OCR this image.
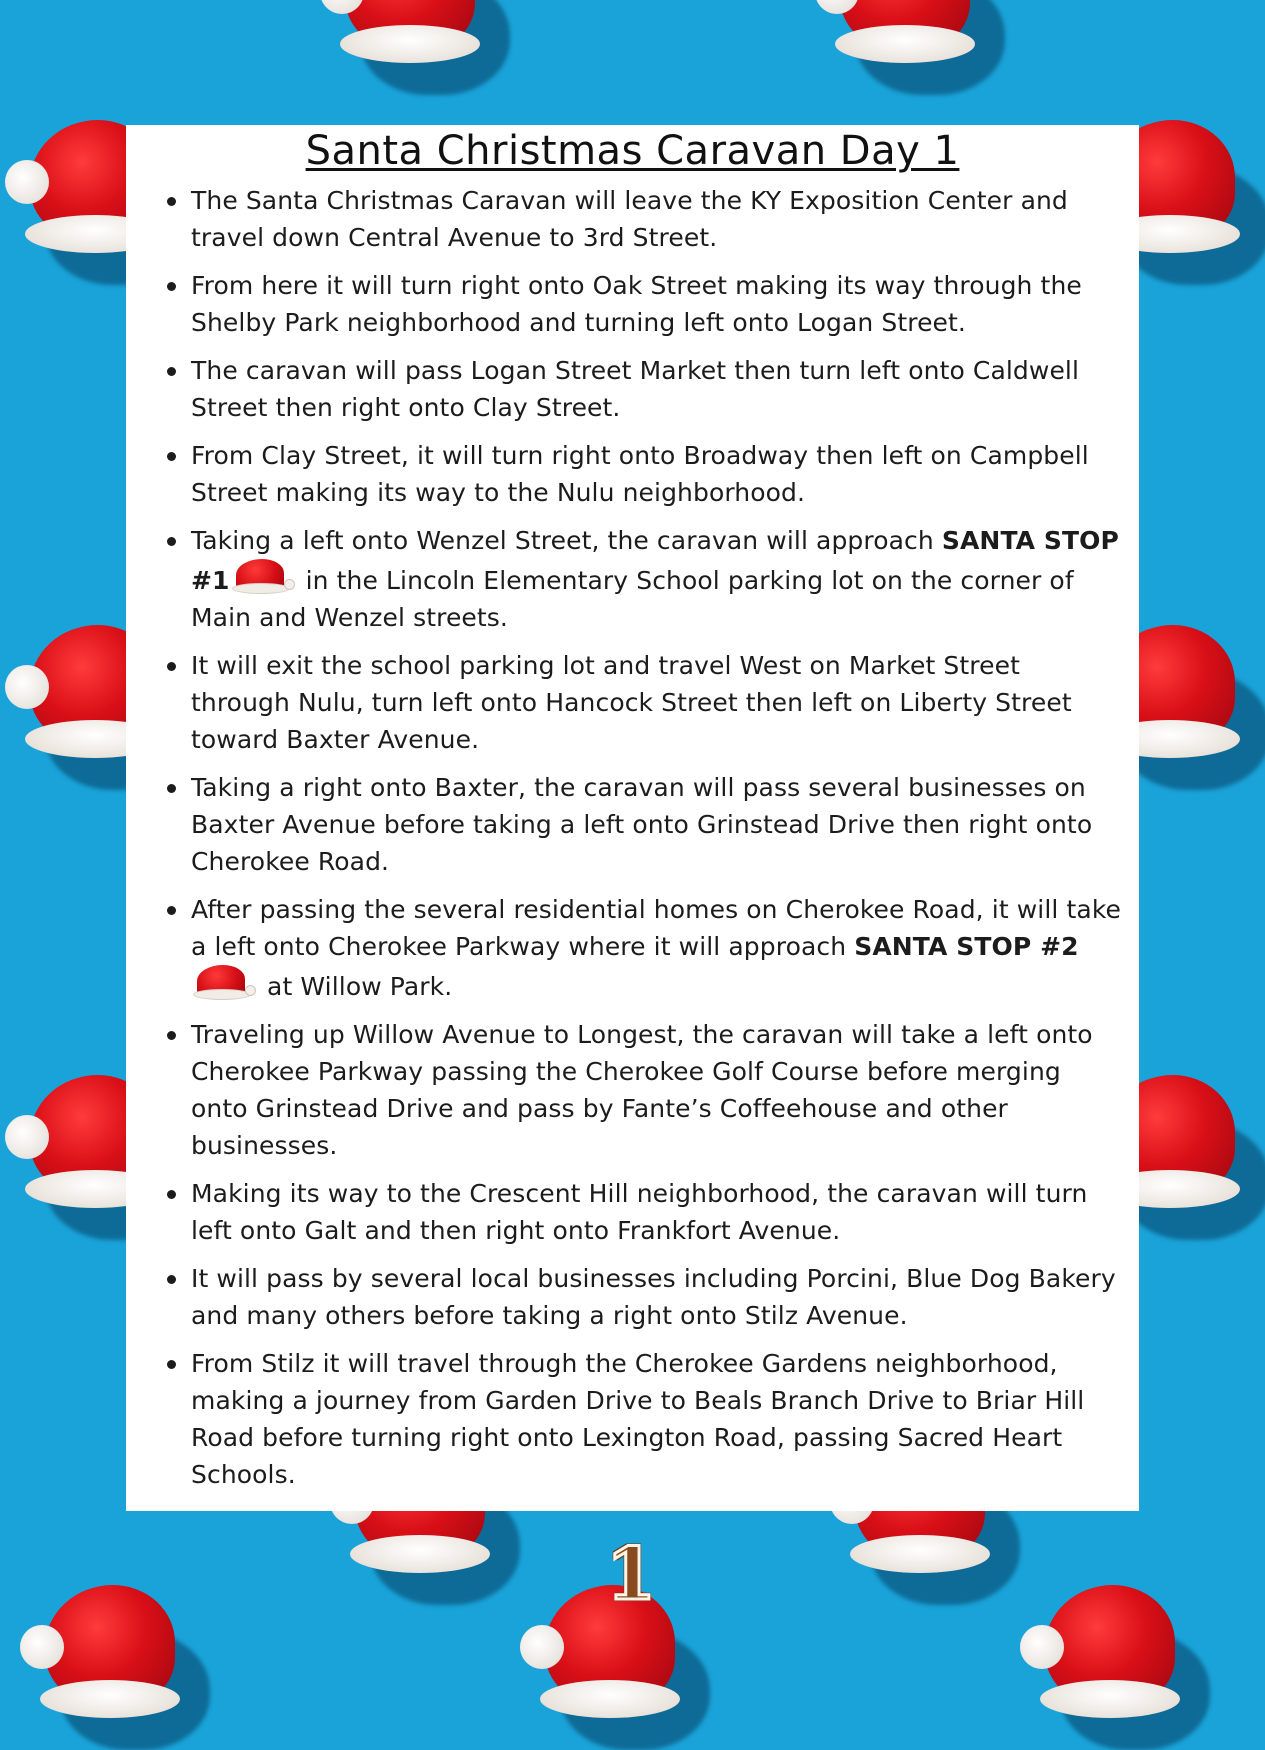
Santa Christmas Caravan Day 1
The Santa Christmas Caravan will leave the KY Exposition Center and travel down Central Avenue to 3rd Street.
From here it will turn right onto Oak Street making its way through the Shelby Park neighborhood and turning left onto Logan Street.
The caravan will pass Logan Street Market then turn left onto Caldwell Street then right onto Clay Street.
From Clay Street, it will turn right onto Broadway then left on Campbell Street making its way to the Nulu neighborhood.
Taking a left onto Wenzel Street, the caravan will approach SANTA STOP #1	in the Lincoln Elementary School parking lot on the corner of Main and Wenzel streets.
It will exit the school parking lot and travel West on Market Street through Nulu, turn left onto Hancock Street then left on Liberty Street toward Baxter Avenue.
Taking a right onto Baxter, the caravan will pass several businesses on Baxter Avenue before taking a left onto Grinstead Drive then right onto Cherokee Road.
After passing the several residential homes on Cherokee Road, it will take a left onto Cherokee Parkway where it will approach SANTA STOP #2
at Willow Park.
Traveling up Willow Avenue to Longest, the caravan will take a left onto Cherokee Parkway passing the Cherokee Golf Course before merging onto Grinstead Drive and pass by Fante’s Coffeehouse and other businesses.
Making its way to the Crescent Hill neighborhood, the caravan will turn left onto Galt and then right onto Frankfort Avenue.
It will pass by several local businesses including Porcini, Blue Dog Bakery and many others before taking a right onto Stilz Avenue.
From Stilz it will travel through the Cherokee Gardens neighborhood, making a journey from Garden Drive to Beals Branch Drive to Briar Hill Road before turning right onto Lexington Road, passing Sacred Heart Schools.
1
